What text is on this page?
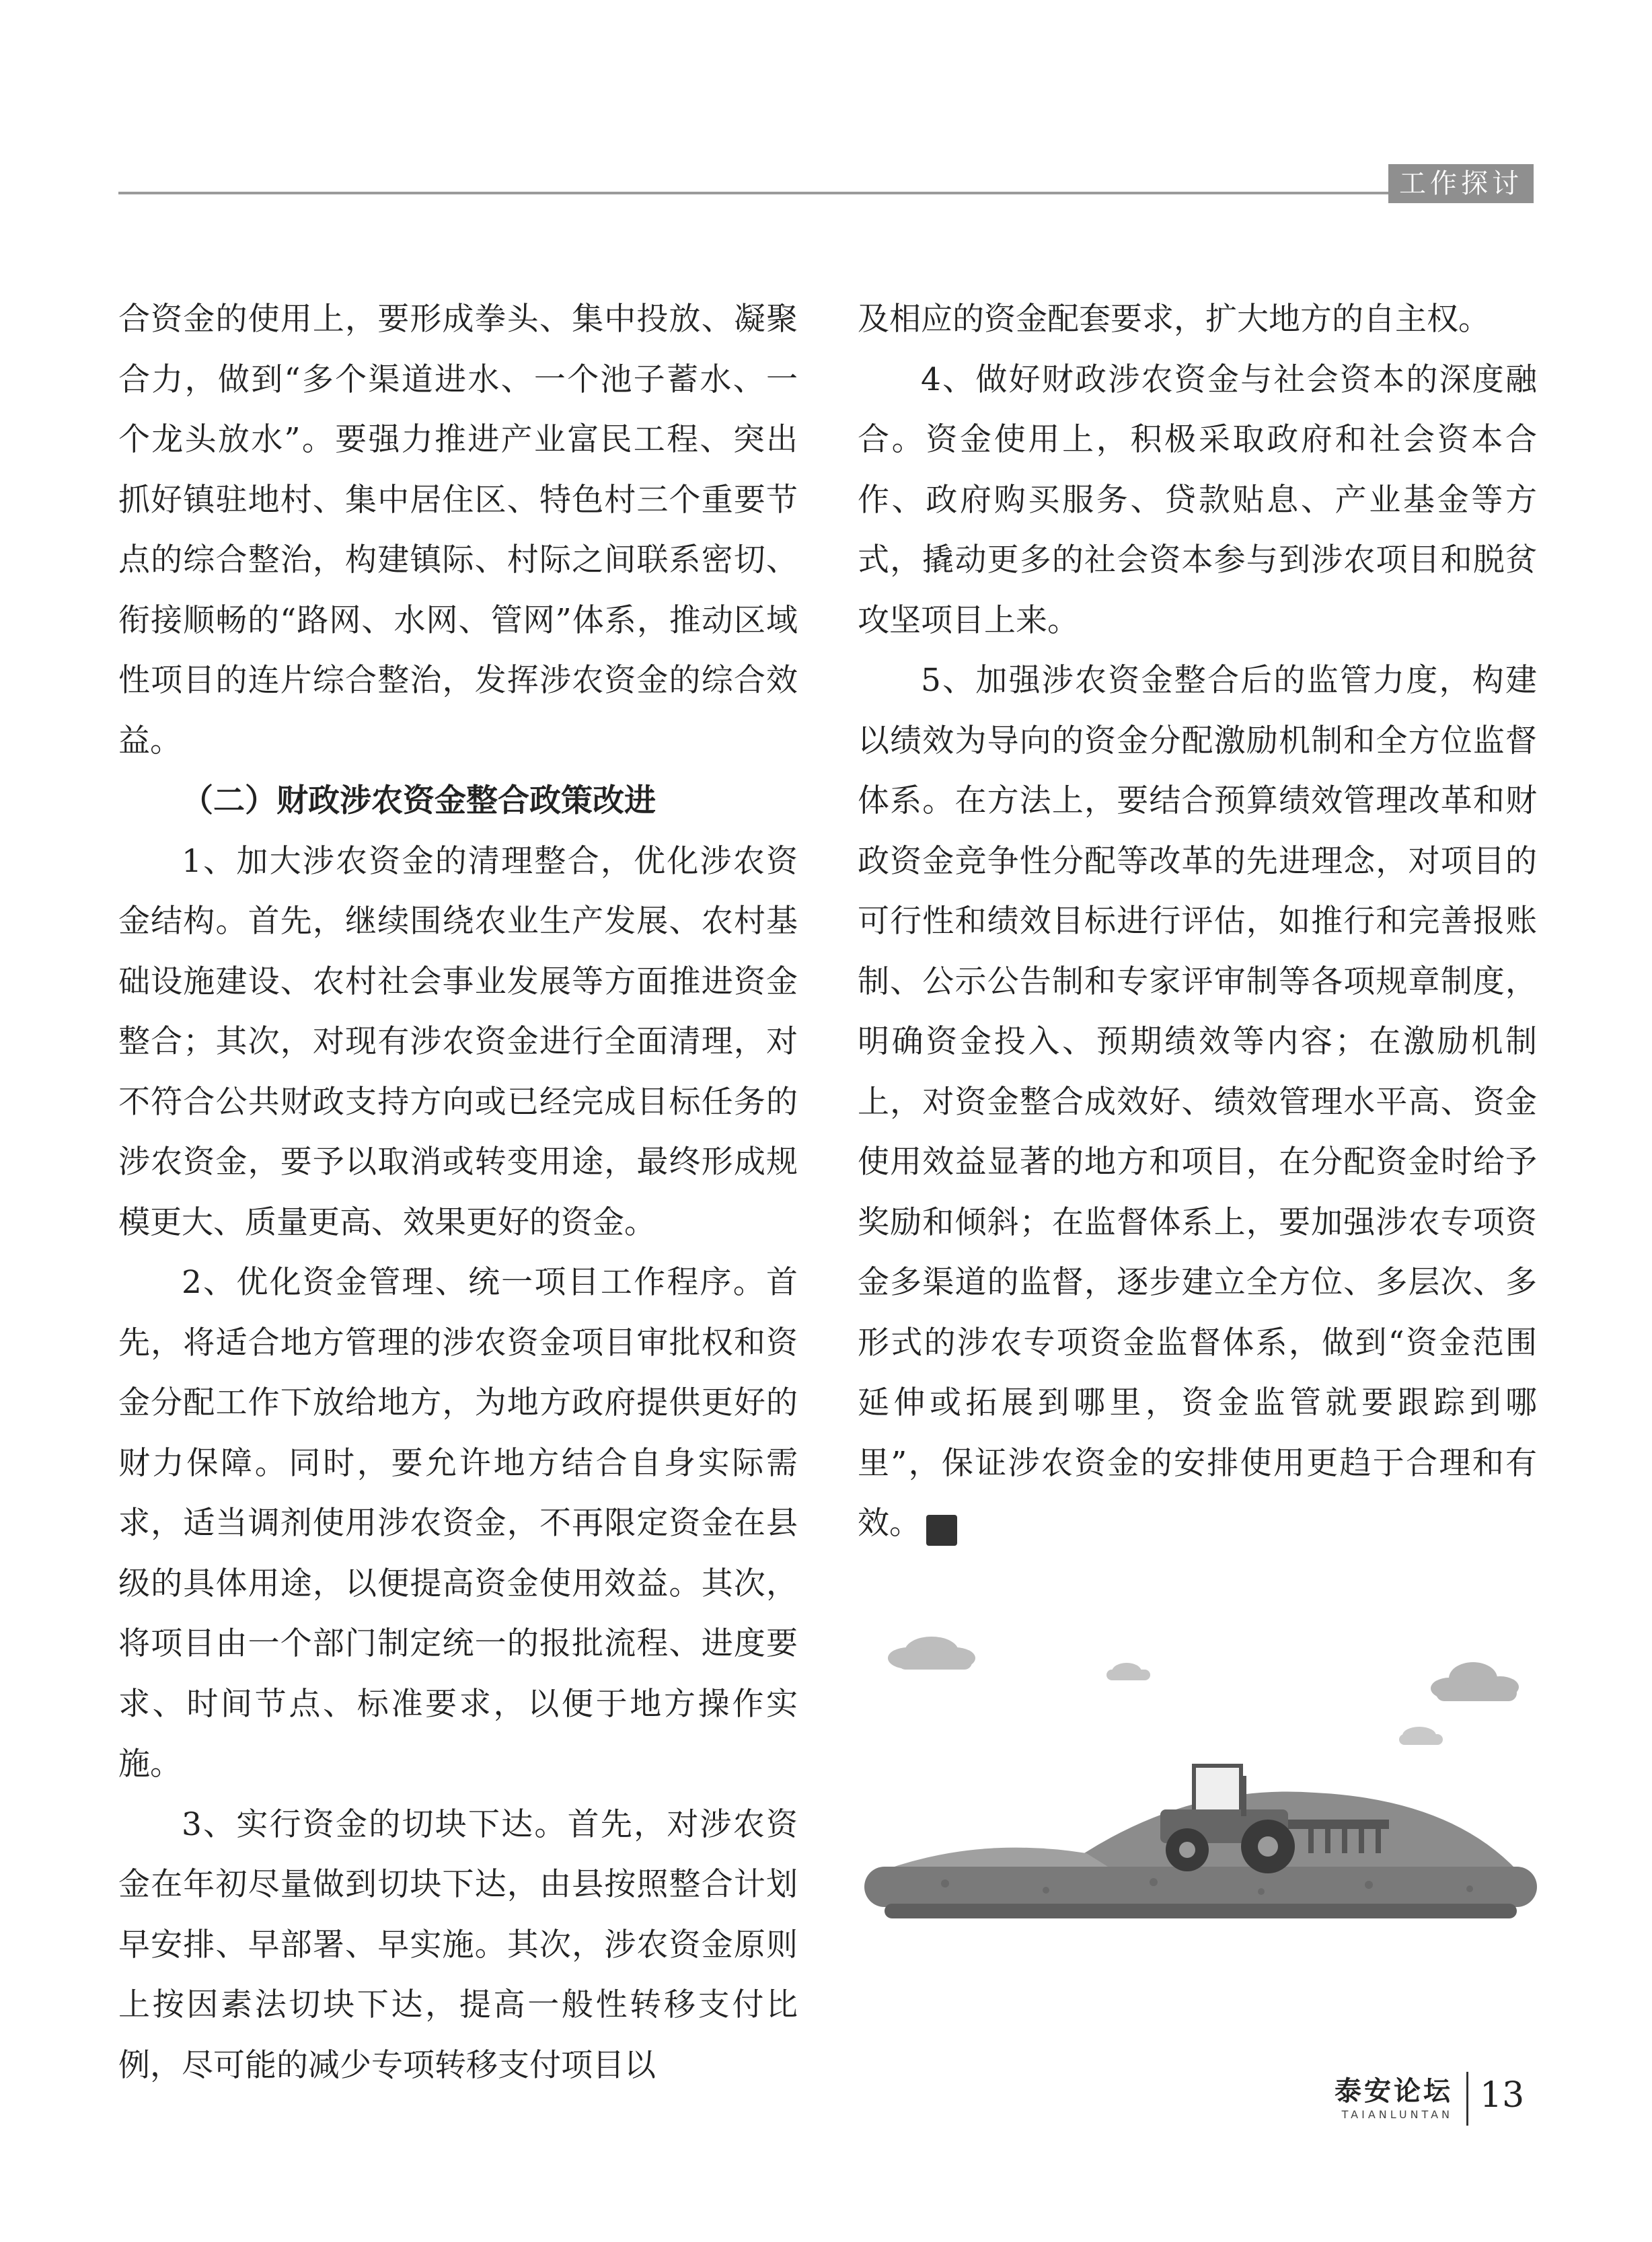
工作探讨

合资金的使用上，要形成拳头、集中投放、凝聚合力，做到“多个渠道进水、一个池子蓄水、一个龙头放水”。要强力推进产业富民工程、突出抓好镇驻地村、集中居住区、特色村三个重要节点的综合整治，构建镇际、村际之间联系密切、衔接顺畅的“路网、水网、管网”体系，推动区域性项目的连片综合整治，发挥涉农资金的综合效益。

（二）财政涉农资金整合政策改进

1、加大涉农资金的清理整合，优化涉农资金结构。首先，继续围绕农业生产发展、农村基础设施建设、农村社会事业发展等方面推进资金整合；其次，对现有涉农资金进行全面清理，对不符合公共财政支持方向或已经完成目标任务的涉农资金，要予以取消或转变用途，最终形成规模更大、质量更高、效果更好的资金。

2、优化资金管理、统一项目工作程序。首先，将适合地方管理的涉农资金项目审批权和资金分配工作下放给地方，为地方政府提供更好的财力保障。同时，要允许地方结合自身实际需求，适当调剂使用涉农资金，不再限定资金在县级的具体用途，以便提高资金使用效益。其次，将项目由一个部门制定统一的报批流程、进度要求、时间节点、标准要求，以便于地方操作实施。

3、实行资金的切块下达。首先，对涉农资金在年初尽量做到切块下达，由县按照整合计划早安排、早部署、早实施。其次，涉农资金原则上按因素法切块下达，提高一般性转移支付比例，尽可能的减少专项转移支付项目以

及相应的资金配套要求，扩大地方的自主权。

4、做好财政涉农资金与社会资本的深度融合。资金使用上，积极采取政府和社会资本合作、政府购买服务、贷款贴息、产业基金等方式，撬动更多的社会资本参与到涉农项目和脱贫攻坚项目上来。

5、加强涉农资金整合后的监管力度，构建以绩效为导向的资金分配激励机制和全方位监督体系。在方法上，要结合预算绩效管理改革和财政资金竞争性分配等改革的先进理念，对项目的可行性和绩效目标进行评估，如推行和完善报账制、公示公告制和专家评审制等各项规章制度，明确资金投入、预期绩效等内容；在激励机制上，对资金整合成效好、绩效管理水平高、资金使用效益显著的地方和项目，在分配资金时给予奖励和倾斜；在监督体系上，要加强涉农专项资金多渠道的监督，逐步建立全方位、多层次、多形式的涉农专项资金监督体系，做到“资金范围延伸或拓展到哪里，资金监管就要跟踪到哪里”，保证涉农资金的安排使用更趋于合理和有效。	泰

泰安论坛
TAIANLUNTAN 13
